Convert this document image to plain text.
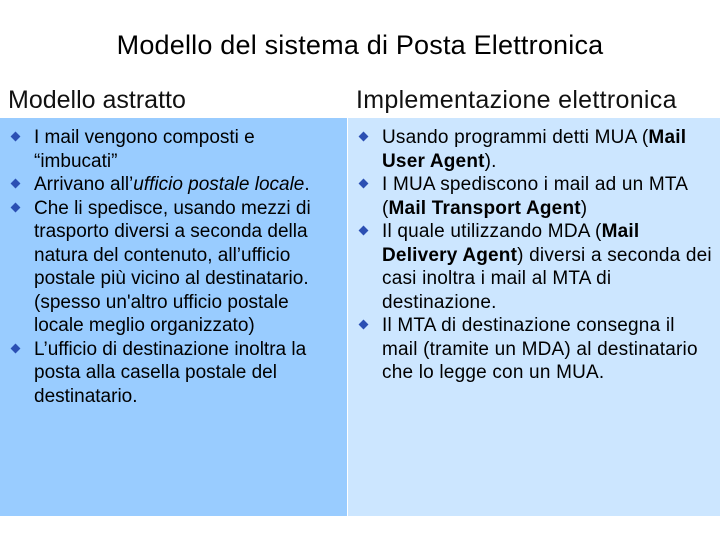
Modello del sistema di Posta Elettronica
Modello astratto	Implementazione elettronica
I mail vengono composti e “imbucati”
Arrivano all’ufficio postale locale.
Che li spedisce, usando mezzi di trasporto diversi a seconda della natura del contenuto, all’ufficio postale più vicino al destinatario. (spesso un'altro ufficio postale locale meglio organizzato)
L’ufficio di destinazione inoltra la posta alla casella postale del destinatario.
Usando programmi detti MUA (Mail User Agent).
I MUA spediscono i mail ad un MTA (Mail Transport Agent)
Il quale utilizzando MDA (Mail Delivery Agent) diversi a seconda dei casi inoltra i mail al MTA di destinazione.
Il MTA di destinazione consegna il mail (tramite un MDA) al destinatario che lo legge con un MUA.
